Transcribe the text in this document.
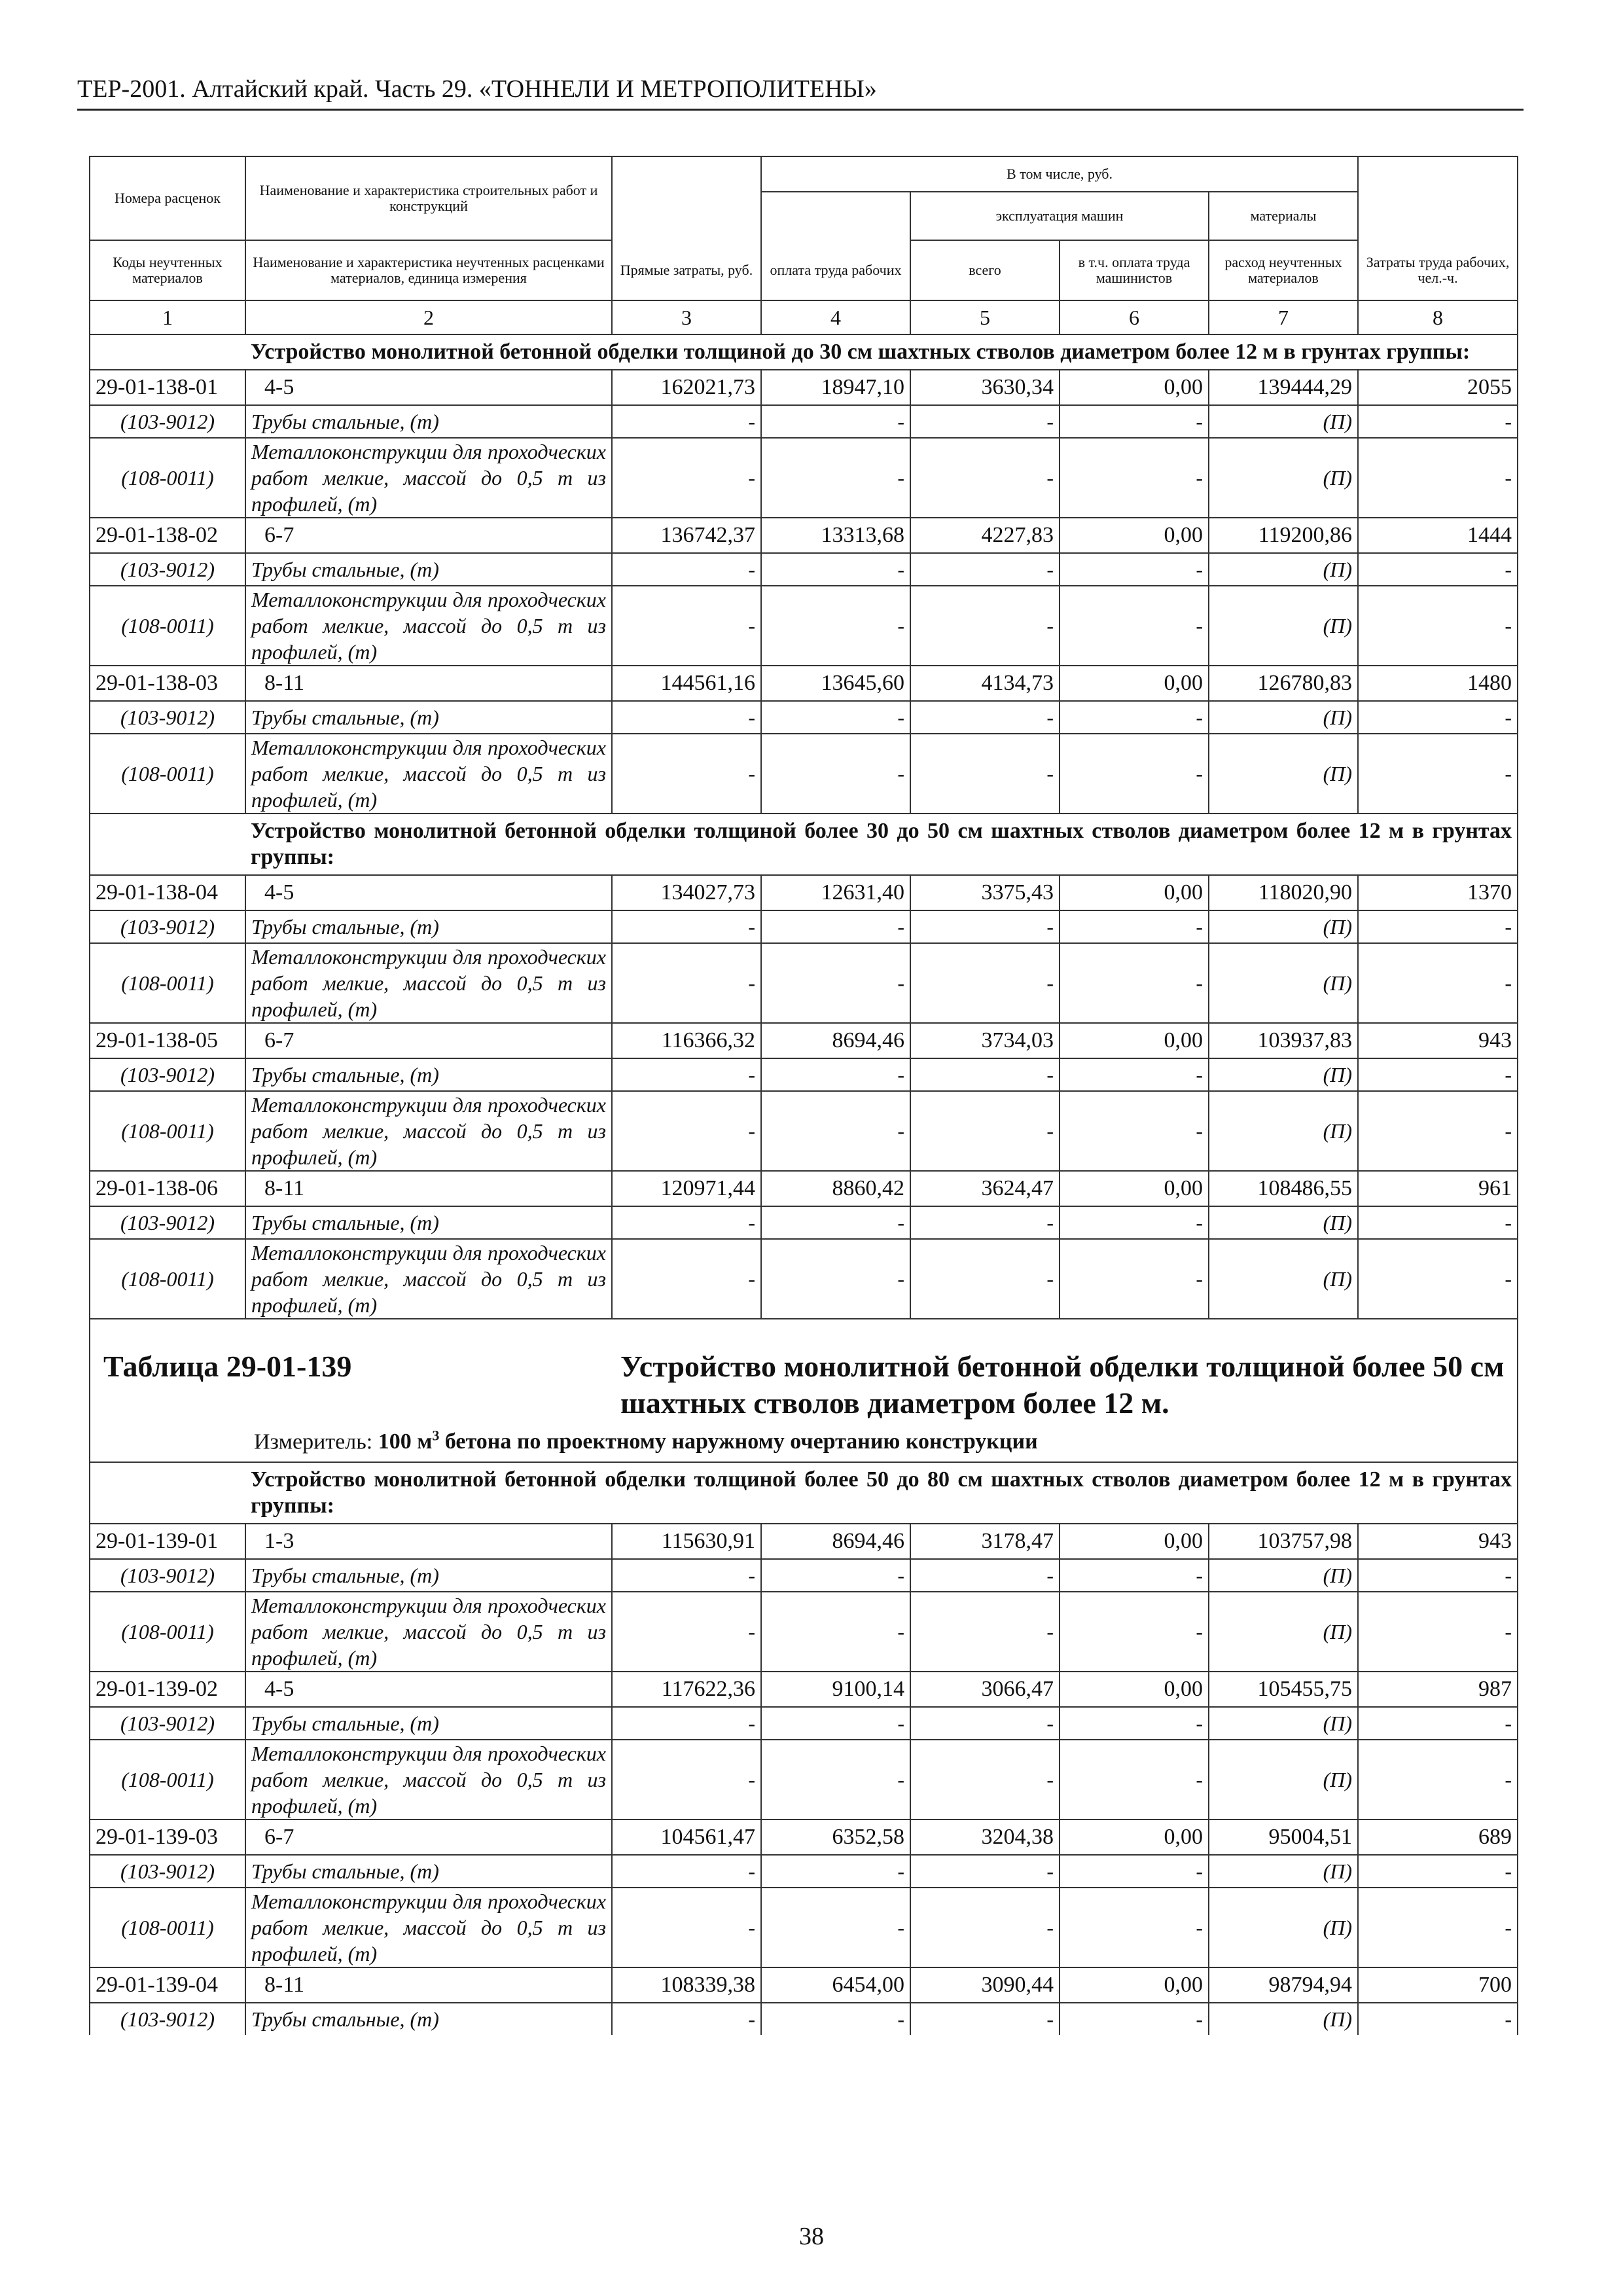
ТЕР-2001. Алтайский край. Часть 29. «ТОННЕЛИ И МЕТРОПОЛИТЕНЫ»
Номера расценок	Наименование и характеристика строительных работ и конструкций		В том числе, руб.				
				эксплуатация машин		материалы	
Коды неучтенных материалов	Наименование и характеристика неучтенных расценками материалов, единица измерения	Прямые затраты, руб.	оплата труда рабочих	всего	в т.ч. оплата труда машинистов	расход неучтенных материалов	Затраты труда рабочих, чел.-ч.
1	2	3	4	5	6	7	8
	Устройство монолитной бетонной обделки толщиной до 30 см шахтных стволов диаметром более 12 м в грунтах группы:						
29-01-138-01	4-5	162021,73	18947,10	3630,34	0,00	139444,29	2055
(103-9012)	Трубы стальные, (т)	-	-	-	-	(П)	-
(108-0011)	Металлоконструкции для проходческих работ мелкие, массой до 0,5 т из профилей, (т)	-	-	-	-	(П)	-
29-01-138-02	6-7	136742,37	13313,68	4227,83	0,00	119200,86	1444
(103-9012)	Трубы стальные, (т)	-	-	-	-	(П)	-
(108-0011)	Металлоконструкции для проходческих работ мелкие, массой до 0,5 т из профилей, (т)	-	-	-	-	(П)	-
29-01-138-03	8-11	144561,16	13645,60	4134,73	0,00	126780,83	1480
(103-9012)	Трубы стальные, (т)	-	-	-	-	(П)	-
(108-0011)	Металлоконструкции для проходческих работ мелкие, массой до 0,5 т из профилей, (т)	-	-	-	-	(П)	-
	Устройство монолитной бетонной обделки толщиной более 30 до 50 см шахтных стволов диаметром более 12 м в грунтах группы:						
29-01-138-04	4-5	134027,73	12631,40	3375,43	0,00	118020,90	1370
(103-9012)	Трубы стальные, (т)	-	-	-	-	(П)	-
(108-0011)	Металлоконструкции для проходческих работ мелкие, массой до 0,5 т из профилей, (т)	-	-	-	-	(П)	-
29-01-138-05	6-7	116366,32	8694,46	3734,03	0,00	103937,83	943
(103-9012)	Трубы стальные, (т)	-	-	-	-	(П)	-
(108-0011)	Металлоконструкции для проходческих работ мелкие, массой до 0,5 т из профилей, (т)	-	-	-	-	(П)	-
29-01-138-06	8-11	120971,44	8860,42	3624,47	0,00	108486,55	961
(103-9012)	Трубы стальные, (т)	-	-	-	-	(П)	-
(108-0011)	Металлоконструкции для проходческих работ мелкие, массой до 0,5 т из профилей, (т)	-	-	-	-	(П)	-

Таблица 29-01-139 Устройство монолитной бетонной обделки толщиной более 50 см шахтных стволов диаметром более 12 м.
Измеритель: 100 $м^3$ бетона по проектному наружному очертанию конструкции							

	Устройство монолитной бетонной обделки толщиной более 50 до 80 см шахтных стволов диаметром более 12 м в грунтах группы:						
29-01-139-01	1-3	115630,91	8694,46	3178,47	0,00	103757,98	943
(103-9012)	Трубы стальные, (т)	-	-	-	-	(П)	-
(108-0011)	Металлоконструкции для проходческих работ мелкие, массой до 0,5 т из профилей, (т)	-	-	-	-	(П)	-
29-01-139-02	4-5	117622,36	9100,14	3066,47	0,00	105455,75	987
(103-9012)	Трубы стальные, (т)	-	-	-	-	(П)	-
(108-0011)	Металлоконструкции для проходческих работ мелкие, массой до 0,5 т из профилей, (т)	-	-	-	-	(П)	-
29-01-139-03	6-7	104561,47	6352,58	3204,38	0,00	95004,51	689
(103-9012)	Трубы стальные, (т)	-	-	-	-	(П)	-
(108-0011)	Металлоконструкции для проходческих работ мелкие, массой до 0,5 т из профилей, (т)	-	-	-	-	(П)	-
29-01-139-04	8-11	108339,38	6454,00	3090,44	0,00	98794,94	700
(103-9012)	Трубы стальные, (т)	-	-	-	-	(П)	-
38
